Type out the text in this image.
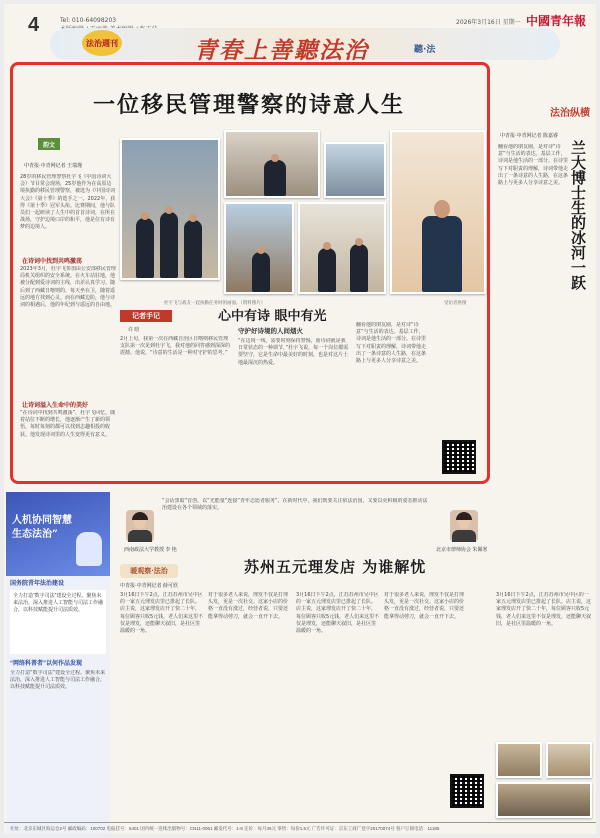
4	Tel: 010-64098203	2026年3月16日 星期一 中國青年報
法治週刊	青春上善聽法治	聽·法
一位移民管理警察的诗意人生
韵文
中青报·中青网记者 王瑞瑾
28岁的移民管理警察杜宇飞《中国诗词大会》节目常会现场，25岁他作为在高原边境执勤的移民管理警察，被选为《中国诗词大会》《第十季》的选手之一。2022年，获得《第十季》冠军头衔。比赛期间，他与队员们一起研读了人生中的首首诗词，在所在战场，守护边境口岸的和平，他是位有诗有梦的边境人。
在诗词中找到共鸣激荡
2023年3月，杜宇飞参加由公安部移民管理局机关组织的安全系统。在火车站驻地，他被分配到爱诗词的主线，出差认真学习。随后到了西藏日喀则的，每天坐在卫，随着遥远的地方找到心灵。而在西藏边防，他与诗词的相遇后，他的年纪到与遥远的自由地。
让诗词溢入生命中的美好
“在诗词中找到共鸣激荡”，杜宇飞回忆，随着站位不断的增长，他逐渐产生了新的领悟，每时每刻的都可以找到志趣相投的收获。他发现诗词里的人生变得更有意义。
杜宇飞与战友一起执勤任务时的画面。（资料图片）	受访者供图
记者手记	心中有诗 眼中有光
许 晗
2月上旬，我第一次在西藏自治区日喀则移民管理支队第一次见到杜宇飞，我对他的回答感到深深的震撼。他说，“诗意的生活是一种对守护的思考。”
守护好诗境的人间烟火
“在边境一线，需要时刻保持警惕，而诗词就是我日常状态的一种调节，”杜宇飞说，每一个岗位都需要坚守，它是生命中最美好的时刻，也是对这片土地最深沉的热爱。
翻看他的朋友圈，是对诗“诗意”与生活的表达。基层工作，诗词是他生活的一部分。在诗里写下对职责的理解，诗词带他走出了一条诗意的人生路，在这条路上与更多人分享诗意之美。
法治纵横
中青报·中青网记者 陈嘉睿
兰大博士生的冰河一跃
翻看他的朋友圈，是对诗“诗意”与生活的表达。基层工作，诗词是他生活的一部分。在诗里写下对职责的理解，诗词带他走出了一条诗意的人生路，在这条路上与更多人分享诗意之美。
人机协同智慧生态法治”
国务院青年法治建设
全力打造“数字司法”建设全过程。聚焦未来法治，深入推进人工智能与司法工作融合，以科技赋能提升司法质效。
“网络科普者”以何作品发现
全力打造“数字司法”建设全过程。聚焦未来法治，深入推进人工智能与司法工作融合，以科技赋能提升司法质效。
西南政法大学教授 李 艳
“会话黑暗”首创，以“光能量”连接“青年志愿者服务”。在新时代中，我们既要关注依法治国，又要以更积极的姿态推动法治建设在各个领域的落实。
北京市律师协会 朱佩寒
暖观察·法治	苏州五元理发店 为谁解忧
中青报·中青网记者 薛可欣
3月16日下午2点，江苏苏州市吴中区的一家五元理发店里已排起了长队。店主说，这家理发店开了快二十年，每位顾客只收5元钱，老人们来这里不仅是理发，还能聊天叙旧，是社区里温暖的一角。
对于很多老人来说，理发不仅是打理头发，更是一次社交。这家小店的价格一直没有涨过，经营者说，只要还能拿得动剪刀，就会一直开下去。
3月16日下午2点，江苏苏州市吴中区的一家五元理发店里已排起了长队。店主说，这家理发店开了快二十年，每位顾客只收5元钱，老人们来这里不仅是理发，还能聊天叙旧，是社区里温暖的一角。
对于很多老人来说，理发不仅是打理头发，更是一次社交。这家小店的价格一直没有涨过，经营者说，只要还能拿得动剪刀，就会一直开下去。
3月16日下午2点，江苏苏州市吴中区的一家五元理发店里已排起了长队。店主说，这家理发店开了快二十年，每位顾客只收5元钱，老人们来这里不仅是理发，还能聊天叙旧，是社区里温暖的一角。
社址：北京东城区海运仓2号 邮政编码：100702 电报挂号：5401 国内统一连续出版物号：CN11-0061 邮发代号：1-9 定价：每月45元 零售：每份1.5元 广告许可证：京东工商广登字20170074号 客户订阅电话：11185
